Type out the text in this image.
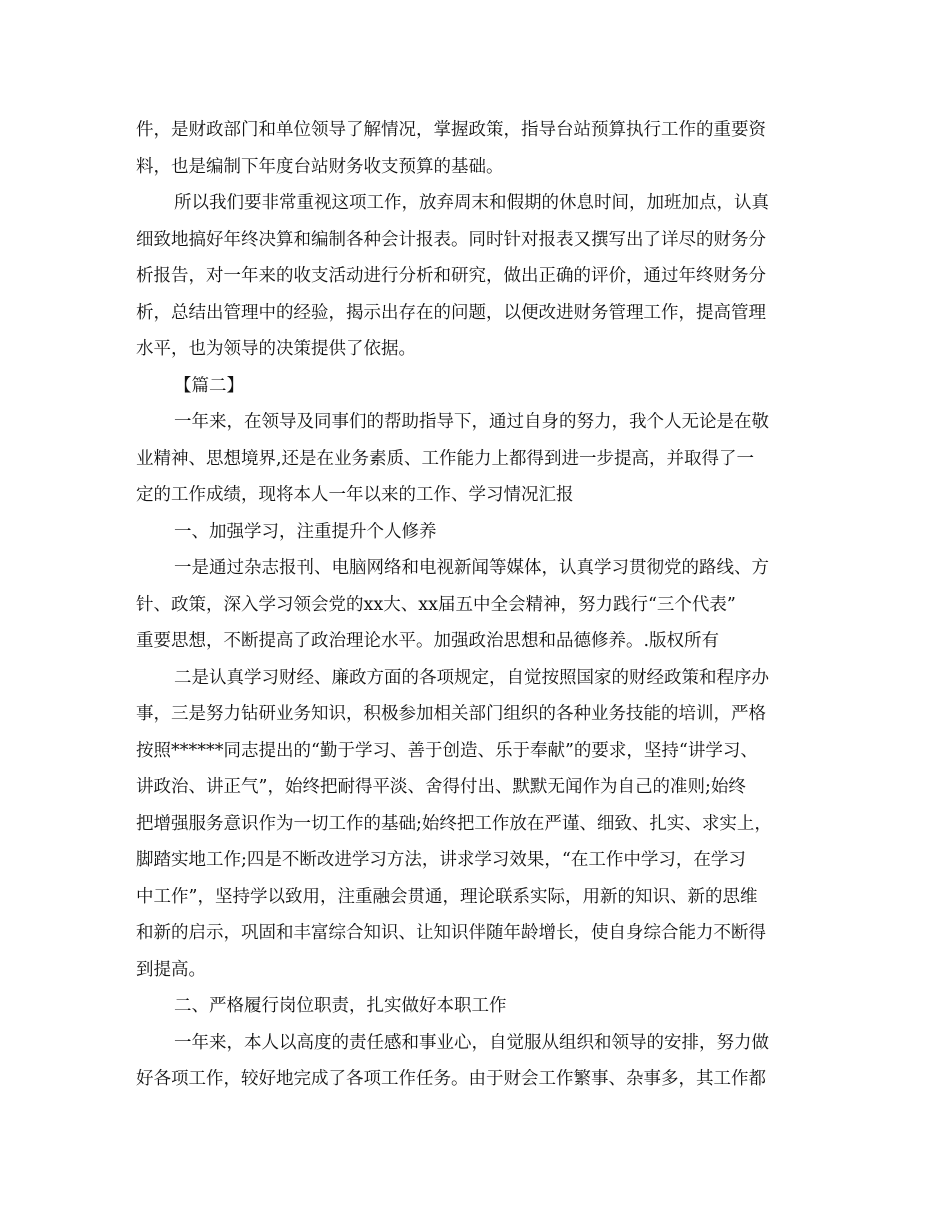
件，是财政部门和单位领导了解情况，掌握政策，指导台站预算执行工作的重要资
料，也是编制下年度台站财务收支预算的基础。
所以我们要非常重视这项工作，放弃周末和假期的休息时间，加班加点，认真
细致地搞好年终决算和编制各种会计报表。同时针对报表又撰写出了详尽的财务分
析报告，对一年来的收支活动进行分析和研究，做出正确的评价，通过年终财务分
析，总结出管理中的经验，揭示出存在的问题，以便改进财务管理工作，提高管理
水平，也为领导的决策提供了依据。
【篇二】
一年来，在领导及同事们的帮助指导下，通过自身的努力，我个人无论是在敬
业精神、思想境界,还是在业务素质、工作能力上都得到进一步提高，并取得了一
定的工作成绩，现将本人一年以来的工作、学习情况汇报
一、加强学习，注重提升个人修养
一是通过杂志报刊、电脑网络和电视新闻等媒体，认真学习贯彻党的路线、方
针、政策，深入学习领会党的xx大、xx届五中全会精神，努力践行“三个代表”
重要思想，不断提高了政治理论水平。加强政治思想和品德修养。.版权所有
二是认真学习财经、廉政方面的各项规定，自觉按照国家的财经政策和程序办
事，三是努力钻研业务知识，积极参加相关部门组织的各种业务技能的培训，严格
按照******同志提出的“勤于学习、善于创造、乐于奉献”的要求，坚持“讲学习、
讲政治、讲正气”，始终把耐得平淡、舍得付出、默默无闻作为自己的准则;始终
把增强服务意识作为一切工作的基础;始终把工作放在严谨、细致、扎实、求实上，
脚踏实地工作;四是不断改进学习方法，讲求学习效果，“在工作中学习，在学习
中工作”，坚持学以致用，注重融会贯通，理论联系实际，用新的知识、新的思维
和新的启示，巩固和丰富综合知识、让知识伴随年龄增长，使自身综合能力不断得
到提高。
二、严格履行岗位职责，扎实做好本职工作
一年来，本人以高度的责任感和事业心，自觉服从组织和领导的安排，努力做
好各项工作，较好地完成了各项工作任务。由于财会工作繁事、杂事多，其工作都
